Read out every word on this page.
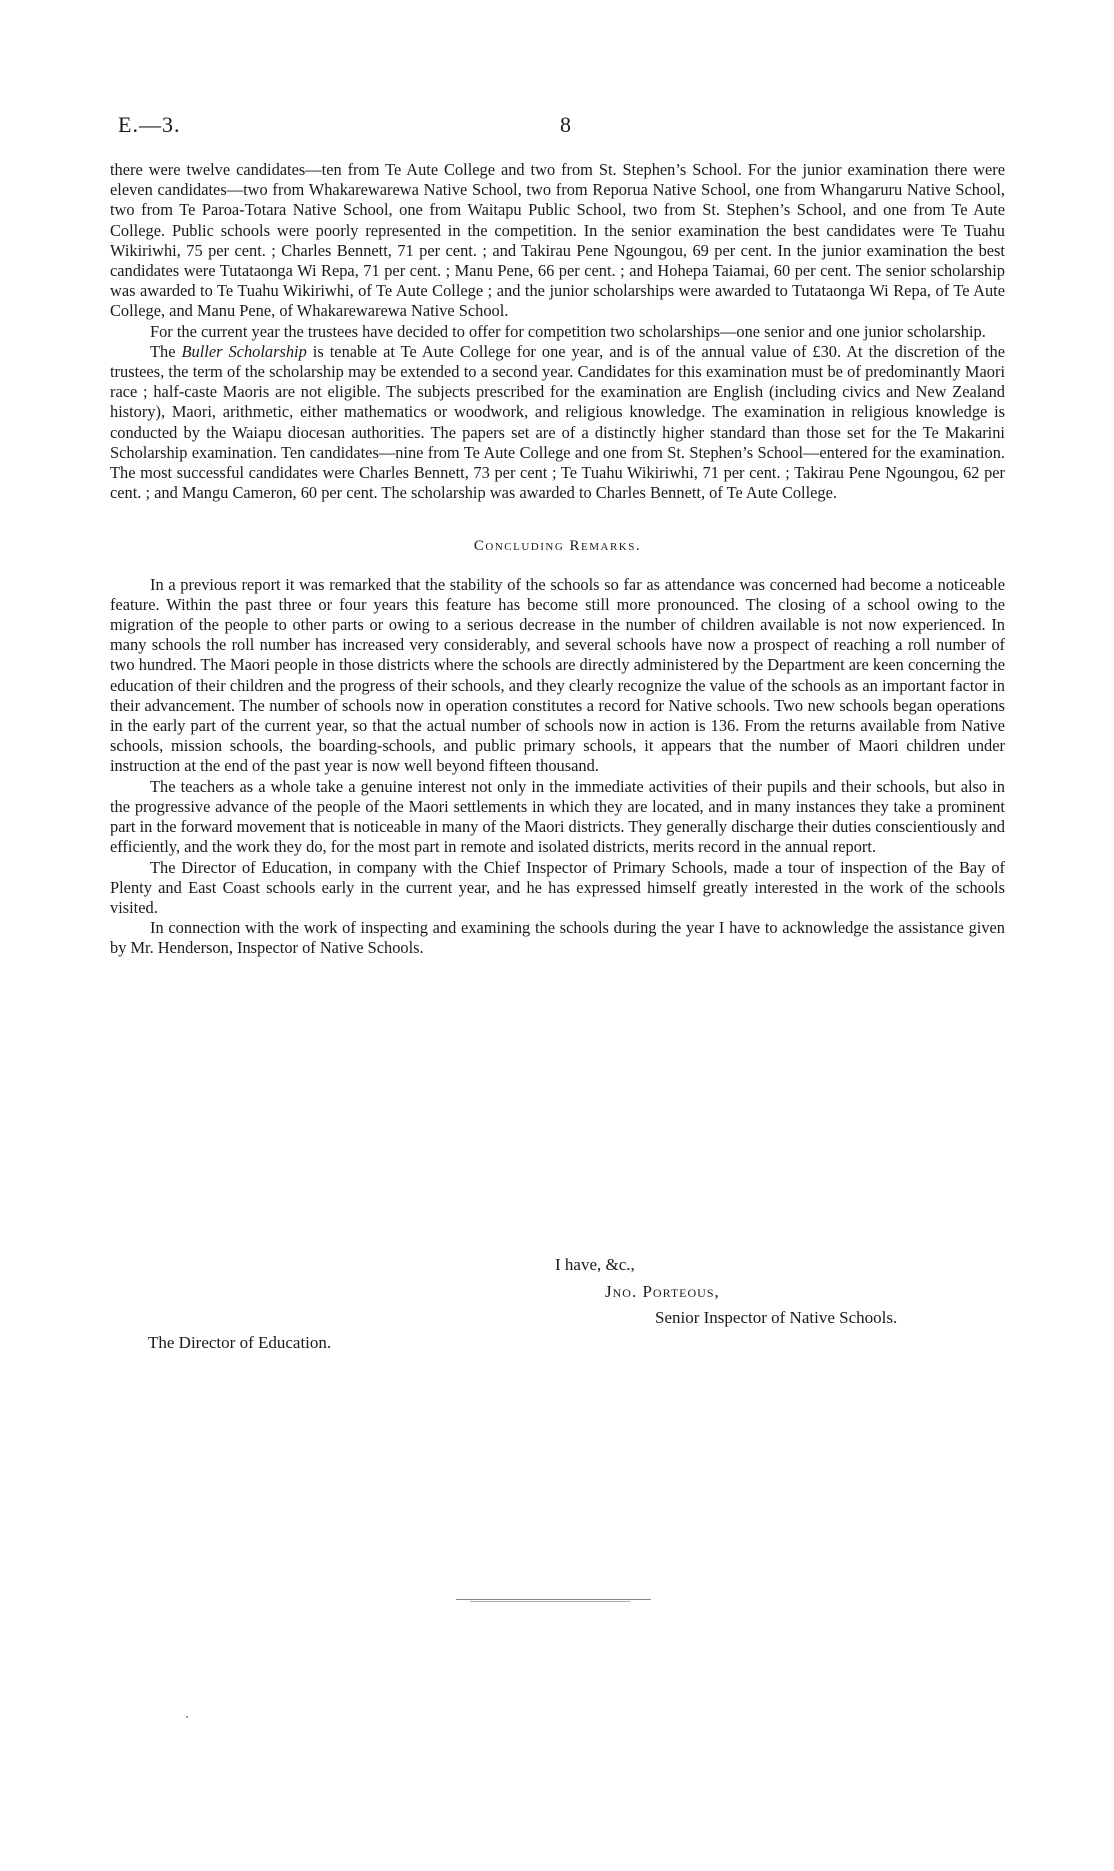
E.—3.	8

there were twelve candidates—ten from Te Aute College and two from St. Stephen’s School. For the junior examination there were eleven candidates—two from Whakarewarewa Native School, two from Reporua Native School, one from Whangaruru Native School, two from Te Paroa-Totara Native School, one from Waitapu Public School, two from St. Stephen’s School, and one from Te Aute College. Public schools were poorly represented in the competition. In the senior examination the best candidates were Te Tuahu Wikiriwhi, 75 per cent. ; Charles Bennett, 71 per cent. ; and Takirau Pene Ngoungou, 69 per cent. In the junior examination the best candidates were Tutataonga Wi Repa, 71 per cent. ; Manu Pene, 66 per cent. ; and Hohepa Taiamai, 60 per cent. The senior scholarship was awarded to Te Tuahu Wikiriwhi, of Te Aute College ; and the junior scholarships were awarded to Tutataonga Wi Repa, of Te Aute College, and Manu Pene, of Whakarewarewa Native School.

For the current year the trustees have decided to offer for competition two scholarships—one senior and one junior scholarship.

The Buller Scholarship is tenable at Te Aute College for one year, and is of the annual value of £30. At the discretion of the trustees, the term of the scholarship may be extended to a second year. Candidates for this examination must be of predominantly Maori race ; half-caste Maoris are not eligible. The subjects prescribed for the examination are English (including civics and New Zealand history), Maori, arithmetic, either mathematics or woodwork, and religious knowledge. The examination in religious knowledge is conducted by the Waiapu diocesan authorities. The papers set are of a distinctly higher standard than those set for the Te Makarini Scholarship examination. Ten candidates—nine from Te Aute College and one from St. Stephen’s School—entered for the examination. The most successful candidates were Charles Bennett, 73 per cent ; Te Tuahu Wikiriwhi, 71 per cent. ; Takirau Pene Ngoungou, 62 per cent. ; and Mangu Cameron, 60 per cent. The scholarship was awarded to Charles Bennett, of Te Aute College.

Concluding Remarks.

In a previous report it was remarked that the stability of the schools so far as attendance was concerned had become a noticeable feature. Within the past three or four years this feature has become still more pronounced. The closing of a school owing to the migration of the people to other parts or owing to a serious decrease in the number of children available is not now experienced. In many schools the roll number has increased very considerably, and several schools have now a prospect of reaching a roll number of two hundred. The Maori people in those districts where the schools are directly administered by the Department are keen concerning the education of their children and the progress of their schools, and they clearly recognize the value of the schools as an important factor in their advancement. The number of schools now in operation constitutes a record for Native schools. Two new schools began operations in the early part of the current year, so that the actual number of schools now in action is 136. From the returns available from Native schools, mission schools, the boarding-schools, and public primary schools, it appears that the number of Maori children under instruction at the end of the past year is now well beyond fifteen thousand.

The teachers as a whole take a genuine interest not only in the immediate activities of their pupils and their schools, but also in the progressive advance of the people of the Maori settlements in which they are located, and in many instances they take a prominent part in the forward movement that is noticeable in many of the Maori districts. They generally discharge their duties conscientiously and efficiently, and the work they do, for the most part in remote and isolated districts, merits record in the annual report.

The Director of Education, in company with the Chief Inspector of Primary Schools, made a tour of inspection of the Bay of Plenty and East Coast schools early in the current year, and he has expressed himself greatly interested in the work of the schools visited.

In connection with the work of inspecting and examining the schools during the year I have to acknowledge the assistance given by Mr. Henderson, Inspector of Native Schools.

I have, &c.,
Jno. Porteous,
Senior Inspector of Native Schools.
The Director of Education.
